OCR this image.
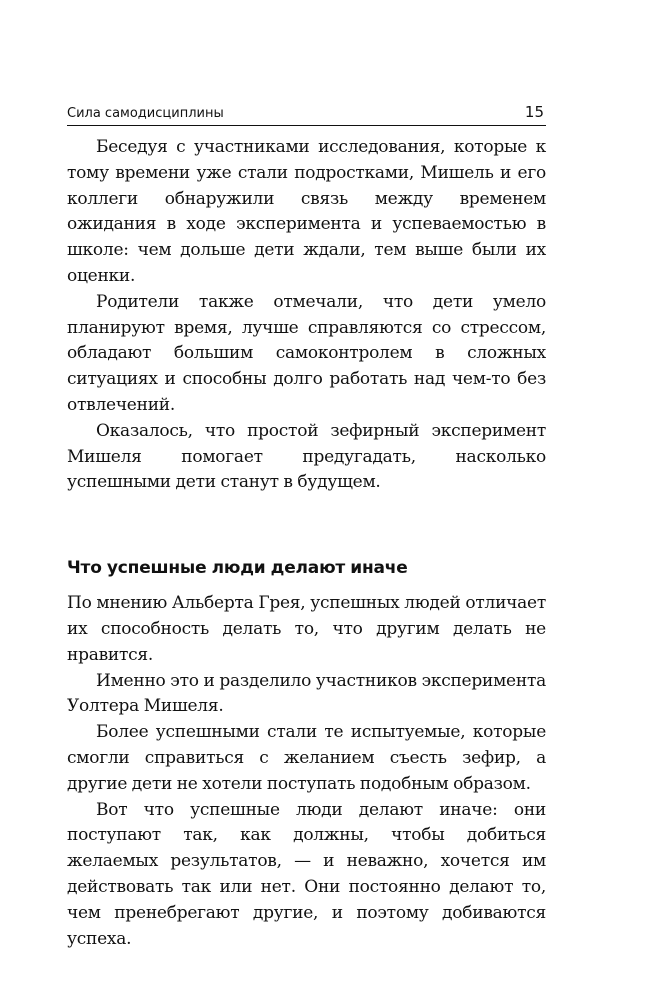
Сила самодисциплины	15

Беседуя с участниками исследования, которые к тому времени уже стали подростками, Мишель и его коллеги обнаружили связь между временем ожидания в ходе эксперимента и успеваемостью в школе: чем дольше дети ждали, тем выше были их оценки.

Родители также отмечали, что дети умело планируют время, лучше справляются со стрессом, обладают большим самоконтролем в сложных ситуациях и способны долго работать над чем-то без отвлечений.

Оказалось, что простой зефирный эксперимент Мишеля помогает предугадать, насколько успешными дети станут в будущем.

Что успешные люди делают иначе

По мнению Альберта Грея, успешных людей отличает их способность делать то, что другим делать не нравится.

Именно это и разделило участников эксперимента Уолтера Мишеля.

Более успешными стали те испытуемые, которые смогли справиться с желанием съесть зефир, а другие дети не хотели поступать подобным образом.

Вот что успешные люди делают иначе: они поступают так, как должны, чтобы добиться желаемых результатов, — и неважно, хочется им действовать так или нет. Они постоянно делают то, чем пренебрегают другие, и поэтому добиваются успеха.
